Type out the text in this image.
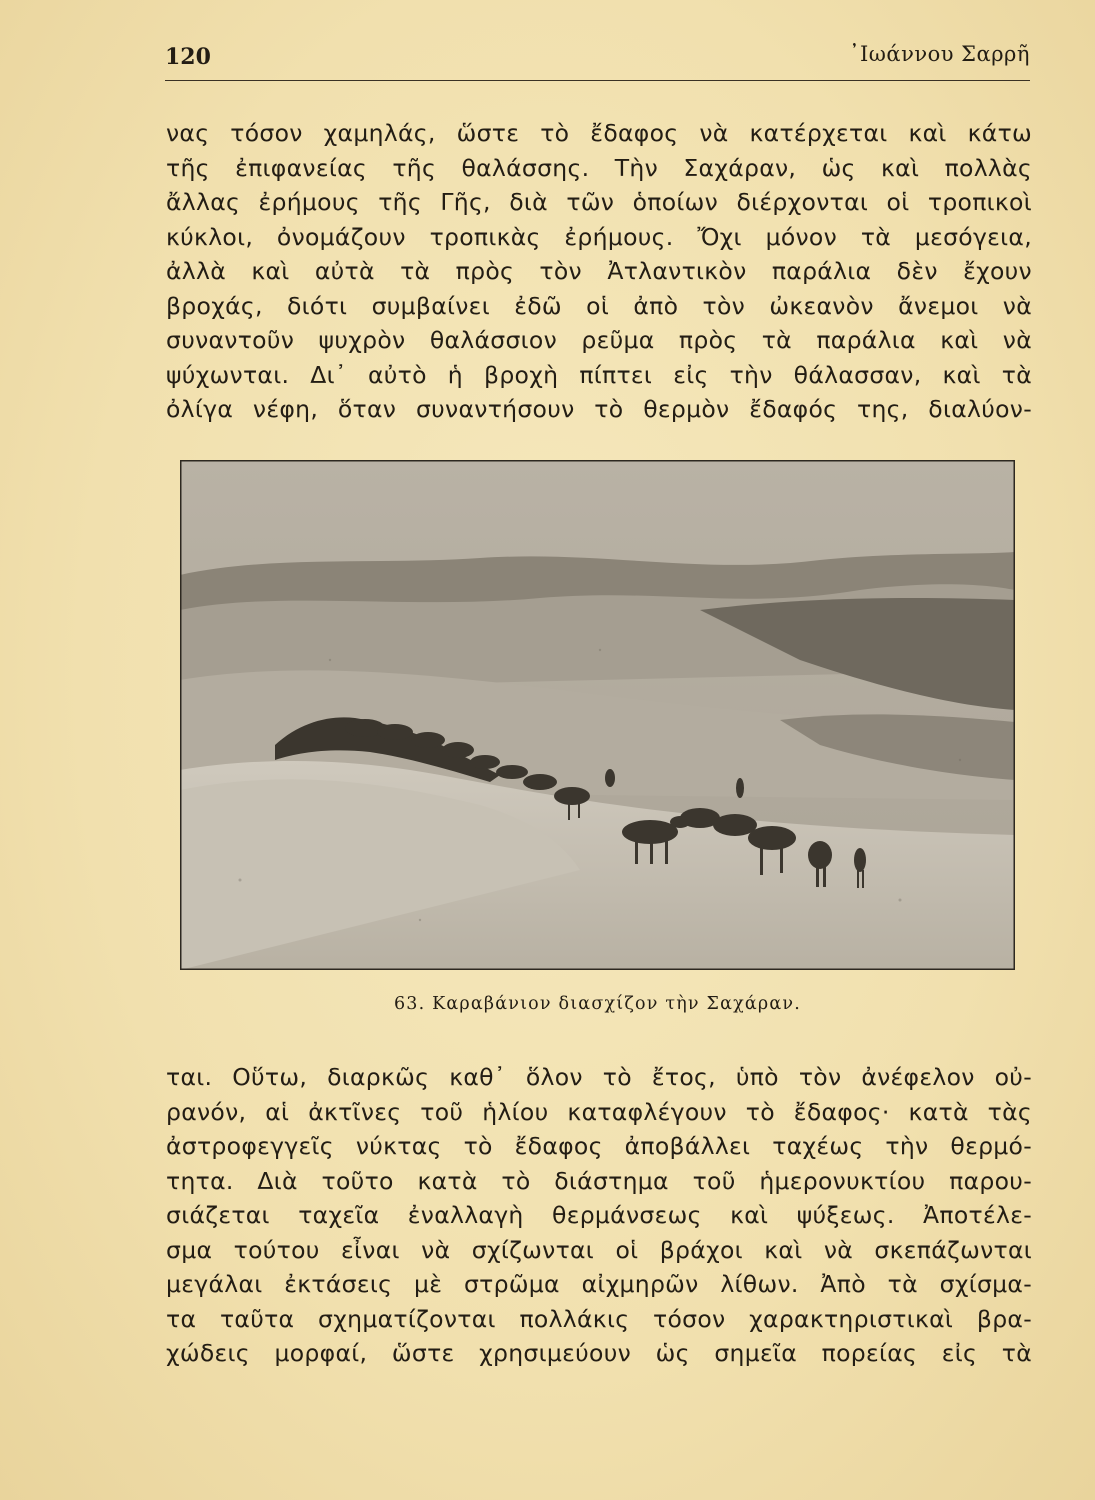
120	᾿Ιωάννου Σαρρῆ
νας τόσον χαμηλάς, ὥστε τὸ ἔδαφος νὰ κατέρχεται καὶ κάτω
τῆς ἐπιφανείας τῆς θαλάσσης. Τὴν Σαχάραν, ὡς καὶ πολλὰς
ἄλλας ἐρήμους τῆς Γῆς, διὰ τῶν ὁποίων διέρχονται οἱ τροπικοὶ
κύκλοι, ὀνομάζουν τροπικὰς ἐρήμους. Ὄχι μόνον τὰ μεσόγεια,
ἀλλὰ καὶ αὐτὰ τὰ πρὸς τὸν Ἀτλαντικὸν παράλια δὲν ἔχουν
βροχάς, διότι συμβαίνει ἐδῶ οἱ ἀπὸ τὸν ὠκεανὸν ἄνεμοι νὰ
συναντοῦν ψυχρὸν θαλάσσιον ρεῦμα πρὸς τὰ παράλια καὶ νὰ
ψύχωνται. Δι᾿ αὐτὸ ἡ βροχὴ πίπτει εἰς τὴν θάλασσαν, καὶ τὰ
ὀλίγα νέφη, ὅταν συναντήσουν τὸ θερμὸν ἔδαφός της, διαλύον-
63. Καραβάνιον διασχίζον τὴν Σαχάραν.
ται. Οὕτω, διαρκῶς καθ᾿ ὅλον τὸ ἔτος, ὑπὸ τὸν ἀνέφελον οὐ-
ρανόν, αἱ ἀκτῖνες τοῦ ἡλίου καταφλέγουν τὸ ἔδαφος· κατὰ τὰς
ἀστροφεγγεῖς νύκτας τὸ ἔδαφος ἀποβάλλει ταχέως τὴν θερμό-
τητα. Διὰ τοῦτο κατὰ τὸ διάστημα τοῦ ἡμερονυκτίου παρου-
σιάζεται ταχεῖα ἐναλλαγὴ θερμάνσεως καὶ ψύξεως. Ἀποτέλε-
σμα τούτου εἶναι νὰ σχίζωνται οἱ βράχοι καὶ νὰ σκεπάζωνται
μεγάλαι ἐκτάσεις μὲ στρῶμα αἰχμηρῶν λίθων. Ἀπὸ τὰ σχίσμα-
τα ταῦτα σχηματίζονται πολλάκις τόσον χαρακτηριστικαὶ βρα-
χώδεις μορφαί, ὥστε χρησιμεύουν ὡς σημεῖα πορείας εἰς τὰ
